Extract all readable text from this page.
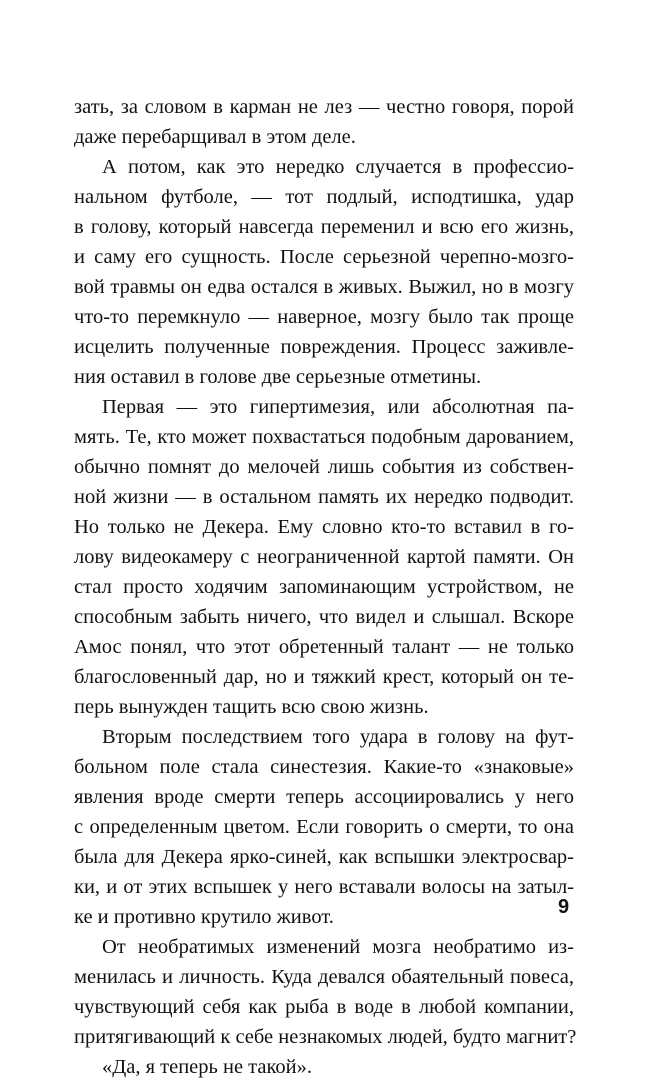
зать, за словом в карман не лез — честно говоря, порой
даже перебарщивал в этом деле.
А потом, как это нередко случается в профессио-
нальном футболе, — тот подлый, исподтишка, удар
в голову, который навсегда переменил и всю его жизнь,
и саму его сущность. После серьезной черепно-мозго-
вой травмы он едва остался в живых. Выжил, но в мозгу
что-то перемкнуло — наверное, мозгу было так проще
исцелить полученные повреждения. Процесс заживле-
ния оставил в голове две серьезные отметины.
Первая — это гипертимезия, или абсолютная па-
мять. Те, кто может похвастаться подобным дарованием,
обычно помнят до мелочей лишь события из собствен-
ной жизни — в остальном память их нередко подводит.
Но только не Декера. Ему словно кто-то вставил в го-
лову видеокамеру с неограниченной картой памяти. Он
стал просто ходячим запоминающим устройством, не
способным забыть ничего, что видел и слышал. Вскоре
Амос понял, что этот обретенный талант — не только
благословенный дар, но и тяжкий крест, который он те-
перь вынужден тащить всю свою жизнь.
Вторым последствием того удара в голову на фут-
больном поле стала синестезия. Какие-то «знаковые»
явления вроде смерти теперь ассоциировались у него
с определенным цветом. Если говорить о смерти, то она
была для Декера ярко-синей, как вспышки электросвар-
ки, и от этих вспышек у него вставали волосы на затыл-
ке и противно крутило живот.
От необратимых изменений мозга необратимо из-
менилась и личность. Куда девался обаятельный повеса,
чувствующий себя как рыба в воде в любой компании,
притягивающий к себе незнакомых людей, будто магнит?
«Да, я теперь не такой».
9
